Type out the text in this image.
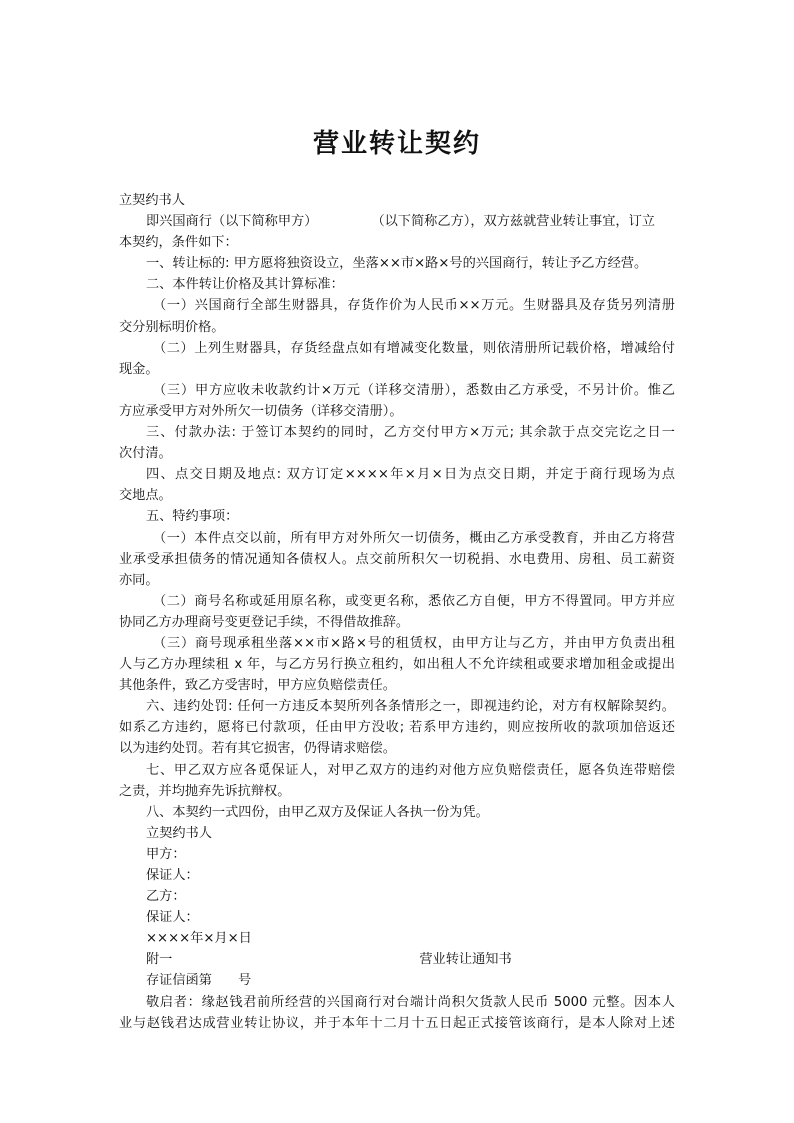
营业转让契约
立契约书人
即兴国商行（以下简称甲方）	（以下简称乙方），双方兹就营业转让事宜，订立
本契约，条件如下：
一、转让标的: 甲方愿将独资设立，坐落××市×路×号的兴国商行，转让予乙方经营。
二、本件转让价格及其计算标准：
（一）兴国商行全部生财器具，存货作价为人民币××万元。生财器具及存货另列清册
交分别标明价格。
（二）上列生财器具，存货经盘点如有增减变化数量，则依清册所记载价格，增减给付
现金。
（三）甲方应收未收款约计×万元（详移交清册），悉数由乙方承受，不另计价。惟乙
方应承受甲方对外所欠一切债务（详移交清册）。
三、付款办法: 于签订本契约的同时，乙方交付甲方×万元; 其余款于点交完讫之日一
次付清。
四、点交日期及地点: 双方订定××××年×月×日为点交日期，并定于商行现场为点
交地点。
五、特约事项：
（一）本件点交以前，所有甲方对外所欠一切债务，概由乙方承受教育，并由乙方将营
业承受承担债务的情况通知各债权人。点交前所积欠一切税捐、水电费用、房租、员工薪资
亦同。
（二）商号名称或延用原名称，或变更名称，悉依乙方自便，甲方不得置同。甲方并应
协同乙方办理商号变更登记手续，不得借故推辞。
（三）商号现承租坐落××市×路×号的租赁权，由甲方让与乙方，并由甲方负责出租
人与乙方办理续租 x 年，与乙方另行换立租约，如出租人不允许续租或要求增加租金或提出
其他条件，致乙方受害时，甲方应负赔偿责任。
六、违约处罚: 任何一方违反本契所列各条情形之一，即视违约论，对方有权解除契约。
如系乙方违约，愿将已付款项，任由甲方没收; 若系甲方违约，则应按所收的款项加倍返还
以为违约处罚。若有其它损害，仍得请求赔偿。
七、甲乙双方应各觅保证人，对甲乙双方的违约对他方应负赔偿责任，愿各负连带赔偿
之责，并均抛弃先诉抗辩权。
八、本契约一式四份，由甲乙双方及保证人各执一份为凭。
立契约书人
甲方：
保证人：
乙方：
保证人：
××××年×月×日
附一	营业转让通知书
存证信函第 号
敬启者：缘赵钱君前所经营的兴国商行对台端计尚积欠货款人民币 5000 元整。因本人
业与赵钱君达成营业转让协议，并于本年十二月十五日起正式接管该商行，是本人除对上述
